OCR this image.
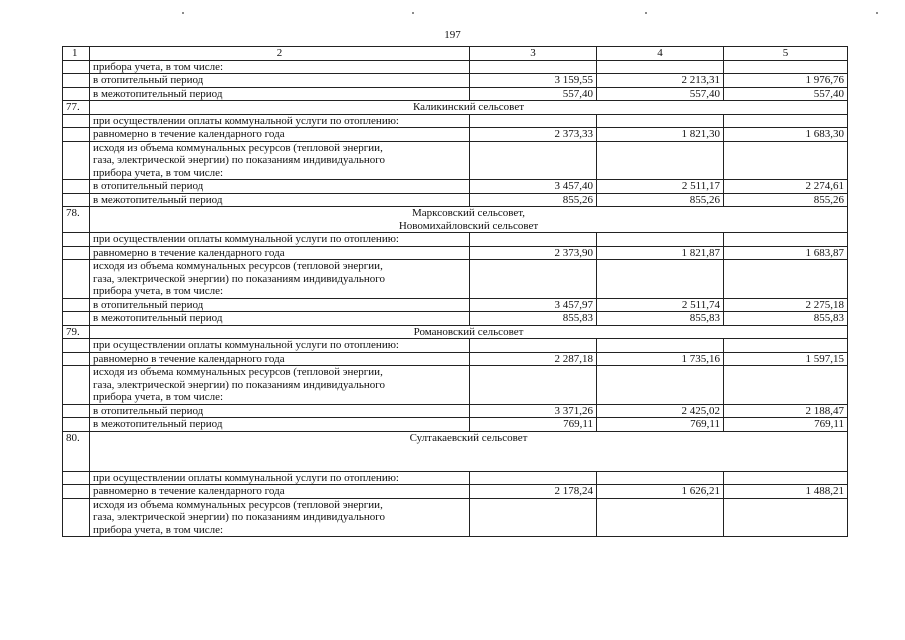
197
1	2	3	4	5
	прибора учета, в том числе:			
	в отопительный период	3 159,55	2 213,31	1 976,76
	в межотопительный период	557,40	557,40	557,40
77.	Каликинский сельсовет			
	при осуществлении оплаты коммунальной услуги по отоплению:			
	равномерно в течение календарного года	2 373,33	1 821,30	1 683,30
	исходя из объема коммунальных ресурсов (тепловой энергии,
газа, электрической энергии) по показаниям индивидуального
прибора учета, в том числе:			
	в отопительный период	3 457,40	2 511,17	2 274,61
	в межотопительный период	855,26	855,26	855,26
78.	Марксовский сельсовет,
Новомихайловский сельсовет			
	при осуществлении оплаты коммунальной услуги по отоплению:			
	равномерно в течение календарного года	2 373,90	1 821,87	1 683,87
	исходя из объема коммунальных ресурсов (тепловой энергии,
газа, электрической энергии) по показаниям индивидуального
прибора учета, в том числе:			
	в отопительный период	3 457,97	2 511,74	2 275,18
	в межотопительный период	855,83	855,83	855,83
79.	Романовский сельсовет			
	при осуществлении оплаты коммунальной услуги по отоплению:			
	равномерно в течение календарного года	2 287,18	1 735,16	1 597,15
	исходя из объема коммунальных ресурсов (тепловой энергии,
газа, электрической энергии) по показаниям индивидуального
прибора учета, в том числе:			
	в отопительный период	3 371,26	2 425,02	2 188,47
	в межотопительный период	769,11	769,11	769,11
80.	Султакаевский сельсовет			
	при осуществлении оплаты коммунальной услуги по отоплению:			
	равномерно в течение календарного года	2 178,24	1 626,21	1 488,21
	исходя из объема коммунальных ресурсов (тепловой энергии,
газа, электрической энергии) по показаниям индивидуального
прибора учета, в том числе:			
